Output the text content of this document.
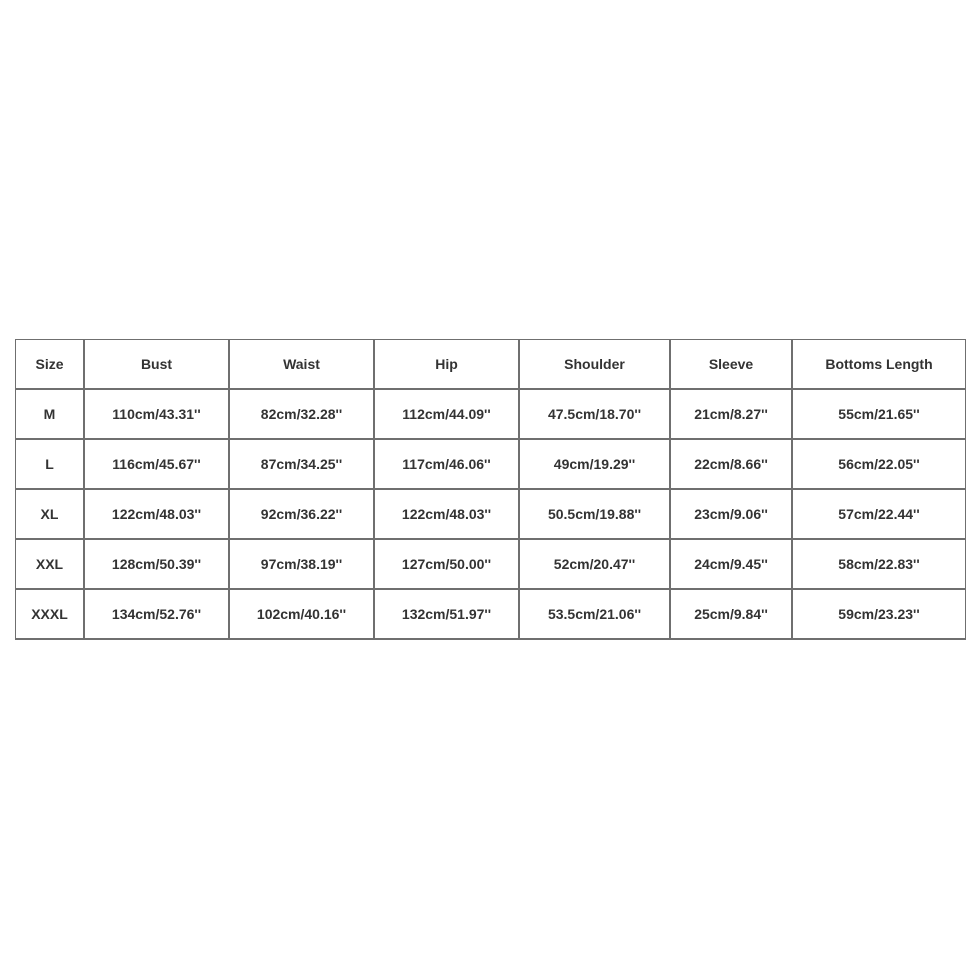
Size	Bust	Waist	Hip	Shoulder	Sleeve	Bottoms Length
M	110cm/43.31''	82cm/32.28''	112cm/44.09''	47.5cm/18.70''	21cm/8.27''	55cm/21.65''
L	116cm/45.67''	87cm/34.25''	117cm/46.06''	49cm/19.29''	22cm/8.66''	56cm/22.05''
XL	122cm/48.03''	92cm/36.22''	122cm/48.03''	50.5cm/19.88''	23cm/9.06''	57cm/22.44''
XXL	128cm/50.39''	97cm/38.19''	127cm/50.00''	52cm/20.47''	24cm/9.45''	58cm/22.83''
XXXL	134cm/52.76''	102cm/40.16''	132cm/51.97''	53.5cm/21.06''	25cm/9.84''	59cm/23.23''
